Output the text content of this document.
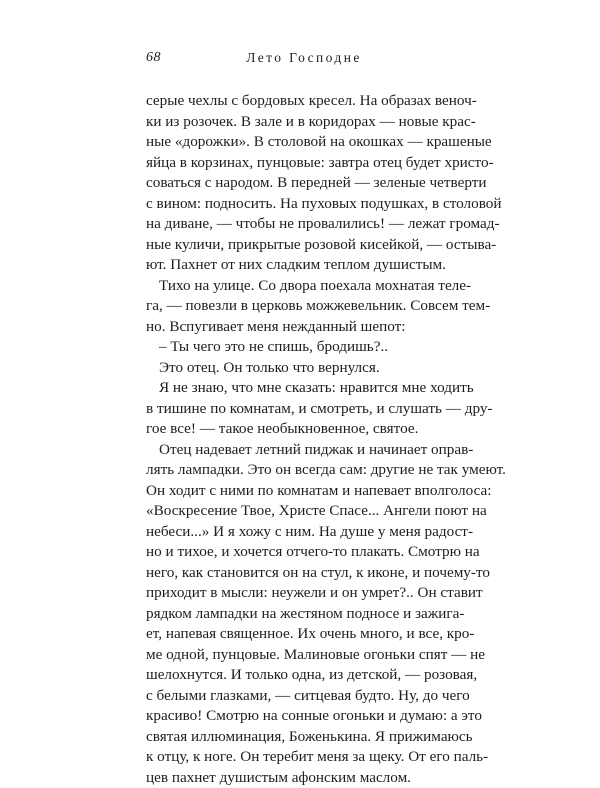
68	Лето Господне
серые чехлы с бордовых кресел. На образах веноч-
ки из розочек. В зале и в коридорах — новые крас-
ные «дорожки». В столовой на окошках — крашеные
яйца в корзинах, пунцовые: завтра отец будет христо-
соваться с народом. В передней — зеленые четверти
с вином: подносить. На пуховых подушках, в столовой
на диване, — чтобы не провалились! — лежат громад-
ные куличи, прикрытые розовой кисейкой, — остыва-
ют. Пахнет от них сладким теплом душистым.
Тихо на улице. Со двора поехала мохнатая теле-
га, — повезли в церковь можжевельник. Совсем тем-
но. Вспугивает меня нежданный шепот:
– Ты чего это не спишь, бродишь?..
Это отец. Он только что вернулся.
Я не знаю, что мне сказать: нравится мне ходить
в тишине по комнатам, и смотреть, и слушать — дру-
гое все! — такое необыкновенное, святое.
Отец надевает летний пиджак и начинает оправ-
лять лампадки. Это он всегда сам: другие не так умеют.
Он ходит с ними по комнатам и напевает вполголоса:
«Воскресение Твое, Христе Спасе... Ангели поют на
небеси...» И я хожу с ним. На душе у меня радост-
но и тихое, и хочется отчего-то плакать. Смотрю на
него, как становится он на стул, к иконе, и почему-то
приходит в мысли: неужели и он умрет?.. Он ставит
рядком лампадки на жестяном подносе и зажига-
ет, напевая священное. Их очень много, и все, кро-
ме одной, пунцовые. Малиновые огоньки спят — не
шелохнутся. И только одна, из детской, — розовая,
с белыми глазками, — ситцевая будто. Ну, до чего
красиво! Смотрю на сонные огоньки и думаю: а это
святая иллюминация, Боженькина. Я прижимаюсь
к отцу, к ноге. Он теребит меня за щеку. От его паль-
цев пахнет душистым афонским маслом.
